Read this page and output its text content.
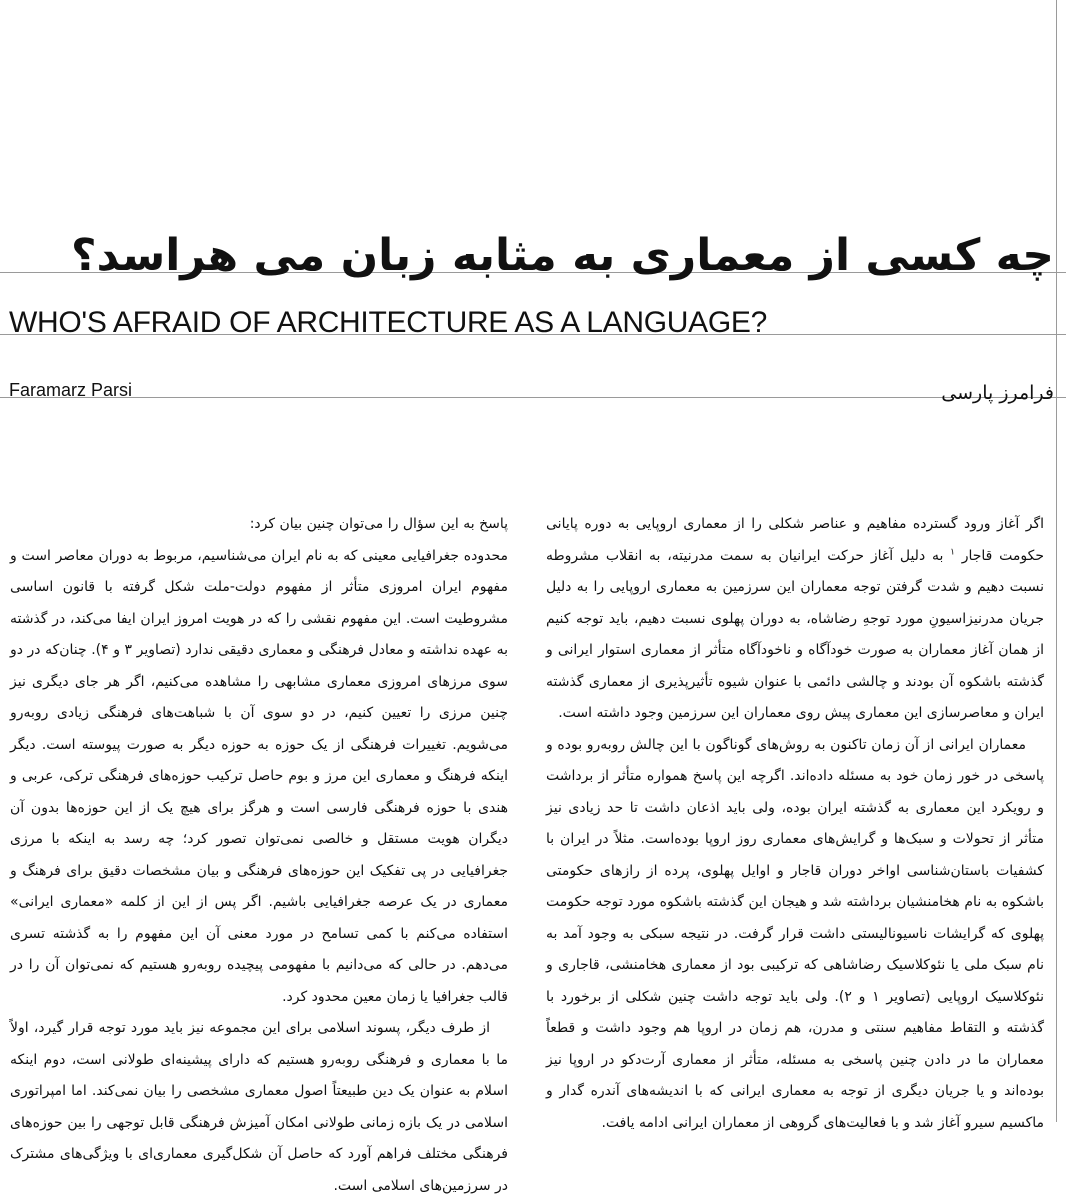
چه کسی از معماری به مثابه زبان می هراسد؟
WHO'S AFRAID OF ARCHITECTURE AS A LANGUAGE?
Faramarz Parsi	فرامرز پارسی

اگر آغاز ورود گسترده مفاهیم و عناصر شکلی را از معماری اروپایی به دوره پایانی حکومت قاجار $^۱$ به دلیل آغاز حرکت ایرانیان به سمت مدرنیته، به انقلاب مشروطه نسبت دهیم و شدت گرفتن توجه معماران این سرزمین به معماری اروپایی را به دلیل جریان مدرنیزاسیونِ مورد توجهِ رضاشاه، به دوران پهلوی نسبت دهیم، باید توجه کنیم از همان آغاز معماران به صورت خودآگاه و ناخودآگاه متأثر از معماری استوار ایرانی و گذشته باشکوه آن بودند و چالشی دائمی با عنوان شیوه تأثیرپذیری از معماری گذشته ایران و معاصرسازی این معماری پیش روی معماران این سرزمین وجود داشته است.

معماران ایرانی از آن زمان تاکنون به روش‌های گوناگون با این چالش روبه‌رو بوده و پاسخی در خور زمان خود به مسئله داده‌اند. اگرچه این پاسخ همواره متأثر از برداشت و رویکرد این معماری به گذشته ایران بوده، ولی باید اذعان داشت تا حد زیادی نیز متأثر از تحولات و سبک‌ها و گرایش‌های معماری روز اروپا بوده‌است. مثلاً در ایران با کشفیات باستان‌شناسی اواخر دوران قاجار و اوایل پهلوی، پرده از رازهای حکومتی باشکوه به نام هخامنشیان برداشته شد و هیجان این گذشته باشکوه مورد توجه حکومت پهلوی که گرایشات ناسیونالیستی داشت قرار گرفت. در نتیجه سبکی به وجود آمد به نام سبک ملی یا نئوکلاسیک رضاشاهی که ترکیبی بود از معماری هخامنشی، قاجاری و نئوکلاسیک اروپایی (تصاویر ۱ و ۲). ولی باید توجه داشت چنین شکلی از برخورد با گذشته و التقاط مفاهیم سنتی و مدرن، هم زمان در اروپا هم وجود داشت و قطعاً معماران ما در دادن چنین پاسخی به مسئله، متأثر از معماری آرت‌دکو در اروپا نیز بوده‌اند و یا جریان دیگری از توجه به معماری ایرانی که با اندیشه‌های آندره گدار و ماکسیم سیرو آغاز شد و با فعالیت‌های گروهی از معماران ایرانی ادامه یافت.

پاسخ به این سؤال را می‌توان چنین بیان کرد:

محدوده جغرافیایی معینی که به نام ایران می‌شناسیم، مربوط به دوران معاصر است و مفهوم ایران امروزی متأثر از مفهوم دولت-ملت شکل گرفته با قانون اساسی مشروطیت است. این مفهوم نقشی را که در هویت امروز ایران ایفا می‌کند، در گذشته به عهده نداشته و معادل فرهنگی و معماری دقیقی ندارد (تصاویر ۳ و ۴). چنان‌که در دو سوی مرزهای امروزی معماری مشابهی را مشاهده می‌کنیم، اگر هر جای دیگری نیز چنین مرزی را تعیین کنیم، در دو سوی آن با شباهت‌های فرهنگی زیادی روبه‌رو می‌شویم. تغییرات فرهنگی از یک حوزه به حوزه دیگر به صورت پیوسته است. دیگر اینکه فرهنگ و معماری این مرز و بوم حاصل ترکیب حوزه‌های فرهنگی ترکی، عربی و هندی با حوزه فرهنگی فارسی است و هرگز برای هیچ یک از این حوزه‌ها بدون آن دیگران هویت مستقل و خالصی نمی‌توان تصور کرد؛ چه رسد به اینکه با مرزی جغرافیایی در پی تفکیک این حوزه‌های فرهنگی و بیان مشخصات دقیق برای فرهنگ و معماری در یک عرصه جغرافیایی باشیم. اگر پس از این از کلمه «معماری ایرانی» استفاده می‌کنم با کمی تسامح در مورد معنی آن این مفهوم را به گذشته تسری می‌دهم. در حالی که می‌دانیم با مفهومی پیچیده روبه‌رو هستیم که نمی‌توان آن را در قالب جغرافیا یا زمان معین محدود کرد.

از طرف دیگر، پسوند اسلامی برای این مجموعه نیز باید مورد توجه قرار گیرد، اولاً ما با معماری و فرهنگی روبه‌رو هستیم که دارای پیشینه‌ای طولانی است، دوم اینکه اسلام به عنوان یک دین طبیعتاً اصول معماری مشخصی را بیان نمی‌کند. اما امپراتوری اسلامی در یک بازه زمانی طولانی امکان آمیزش فرهنگی قابل توجهی را بین حوزه‌های فرهنگی مختلف فراهم آورد که حاصل آن شکل‌گیری معماری‌ای با ویژگی‌های مشترک در سرزمین‌های اسلامی است.
